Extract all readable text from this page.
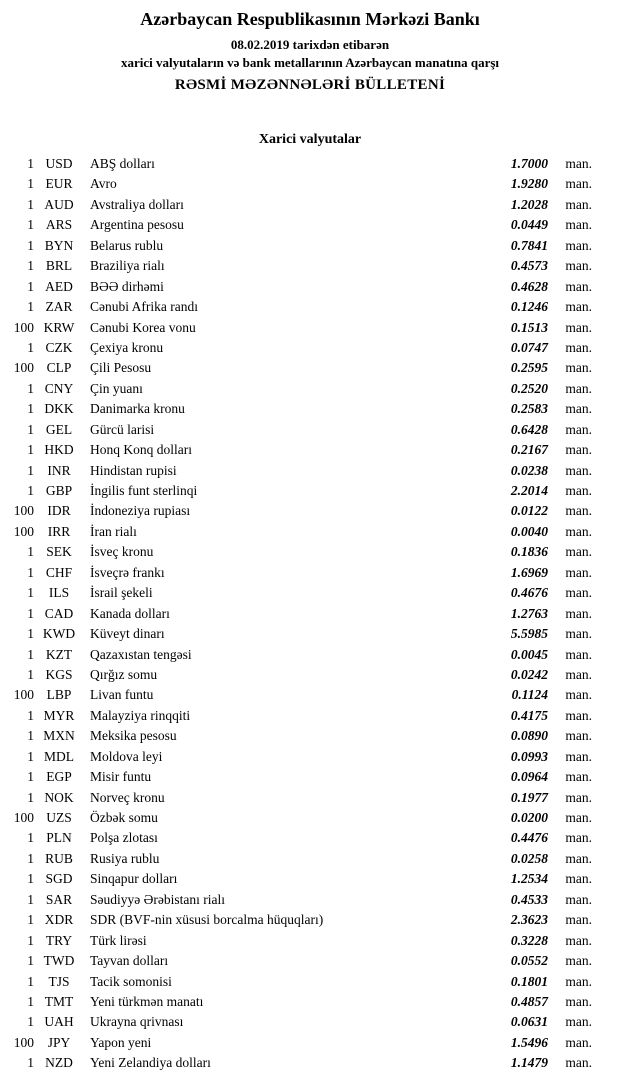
Azərbaycan Respublikasının Mərkəzi Bankı
08.02.2019 tarixdən etibarən
xarici valyutaların və bank metallarının Azərbaycan manatına qarşı
RƏSMİ MƏZƏNNƏLƏRİ BÜLLETENİ
Xarici valyutalar
1 USD	ABŞ dolları	1.7000	man.
1 EUR	Avro	1.9280	man.
1 AUD	Avstraliya dolları	1.2028	man.
1 ARS	Argentina pesosu	0.0449	man.
1 BYN	Belarus rublu	0.7841	man.
1 BRL	Braziliya rialı	0.4573	man.
1 AED	BƏƏ dirhəmi	0.4628	man.
1 ZAR	Cənubi Afrika randı	0.1246	man.
100 KRW	Cənubi Korea vonu	0.1513	man.
1 CZK	Çexiya kronu	0.0747	man.
100 CLP	Çili Pesosu	0.2595	man.
1 CNY	Çin yuanı	0.2520	man.
1 DKK	Danimarka kronu	0.2583	man.
1 GEL	Gürcü larisi	0.6428	man.
1 HKD	Honq Konq dolları	0.2167	man.
1 INR	Hindistan rupisi	0.0238	man.
1 GBP	İngilis funt sterlinqi	2.2014	man.
100 IDR	İndoneziya rupiası	0.0122	man.
100	IRR	İran rialı	0.0040	man.
1 SEK	İsveç kronu	0.1836	man.
1 CHF	İsveçrə frankı	1.6969	man.
1	ILS	İsrail şekeli	0.4676	man.
1 CAD	Kanada dolları	1.2763	man.
1 KWD	Küveyt dinarı	5.5985	man.
1 KZT	Qazaxıstan tengəsi	0.0045	man.
1 KGS	Qırğız somu	0.0242	man.
100 LBP	Livan funtu	0.1124	man.
1 MYR	Malayziya rinqqiti	0.4175	man.
1 MXN	Meksika pesosu	0.0890	man.
1 MDL	Moldova leyi	0.0993	man.
1 EGP	Misir funtu	0.0964	man.
1 NOK	Norveç kronu	0.1977	man.
100 UZS	Özbək somu	0.0200	man.
1 PLN	Polşa zlotası	0.4476	man.
1 RUB	Rusiya rublu	0.0258	man.
1 SGD	Sinqapur dolları	1.2534	man.
1 SAR	Səudiyyə Ərəbistanı rialı	0.4533	man.
1 XDR	SDR (BVF-nin xüsusi borcalma hüquqları)	2.3623	man.
1 TRY	Türk lirəsi	0.3228	man.
1 TWD	Tayvan dolları	0.0552	man.
1	TJS	Tacik somonisi	0.1801	man.
1 TMT	Yeni türkmən manatı	0.4857	man.
1 UAH	Ukrayna qrivnası	0.0631	man.
100	JPY	Yapon yeni	1.5496	man.
1 NZD	Yeni Zelandiya dolları	1.1479	man.
